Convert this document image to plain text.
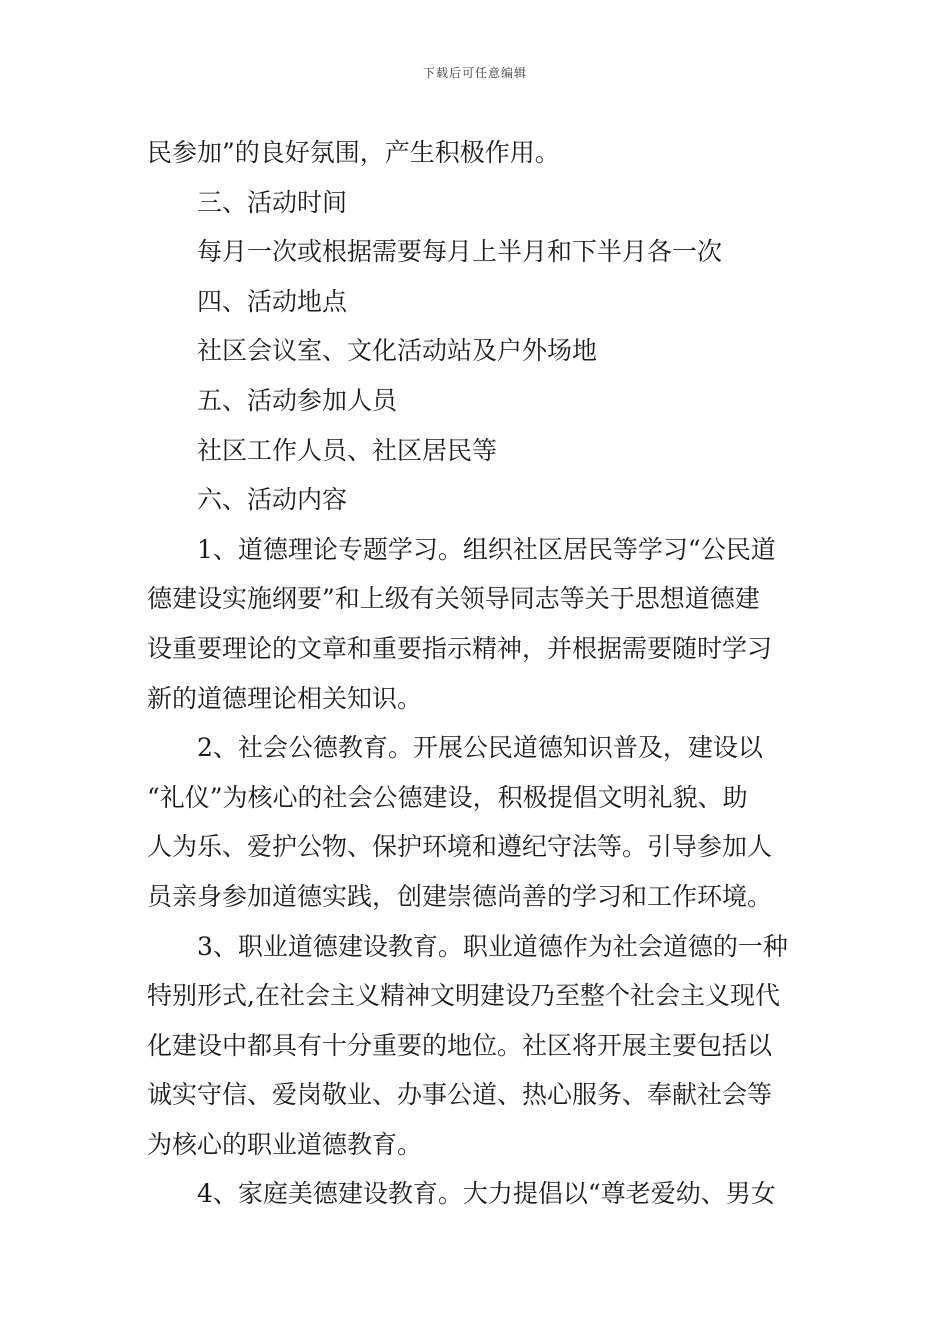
下载后可任意编辑
民参加”的良好氛围，产生积极作用。
三、活动时间
每月一次或根据需要每月上半月和下半月各一次
四、活动地点
社区会议室、文化活动站及户外场地
五、活动参加人员
社区工作人员、社区居民等
六、活动内容
1、道德理论专题学习。组织社区居民等学习“公民道
德建设实施纲要”和上级有关领导同志等关于思想道德建
设重要理论的文章和重要指示精神，并根据需要随时学习
新的道德理论相关知识。
2、社会公德教育。开展公民道德知识普及，建设以
“礼仪”为核心的社会公德建设，积极提倡文明礼貌、助
人为乐、爱护公物、保护环境和遵纪守法等。引导参加人
员亲身参加道德实践，创建崇德尚善的学习和工作环境。
3、职业道德建设教育。职业道德作为社会道德的一种
特别形式,在社会主义精神文明建设乃至整个社会主义现代
化建设中都具有十分重要的地位。社区将开展主要包括以
诚实守信、爱岗敬业、办事公道、热心服务、奉献社会等
为核心的职业道德教育。
4、家庭美德建设教育。大力提倡以“尊老爱幼、男女
